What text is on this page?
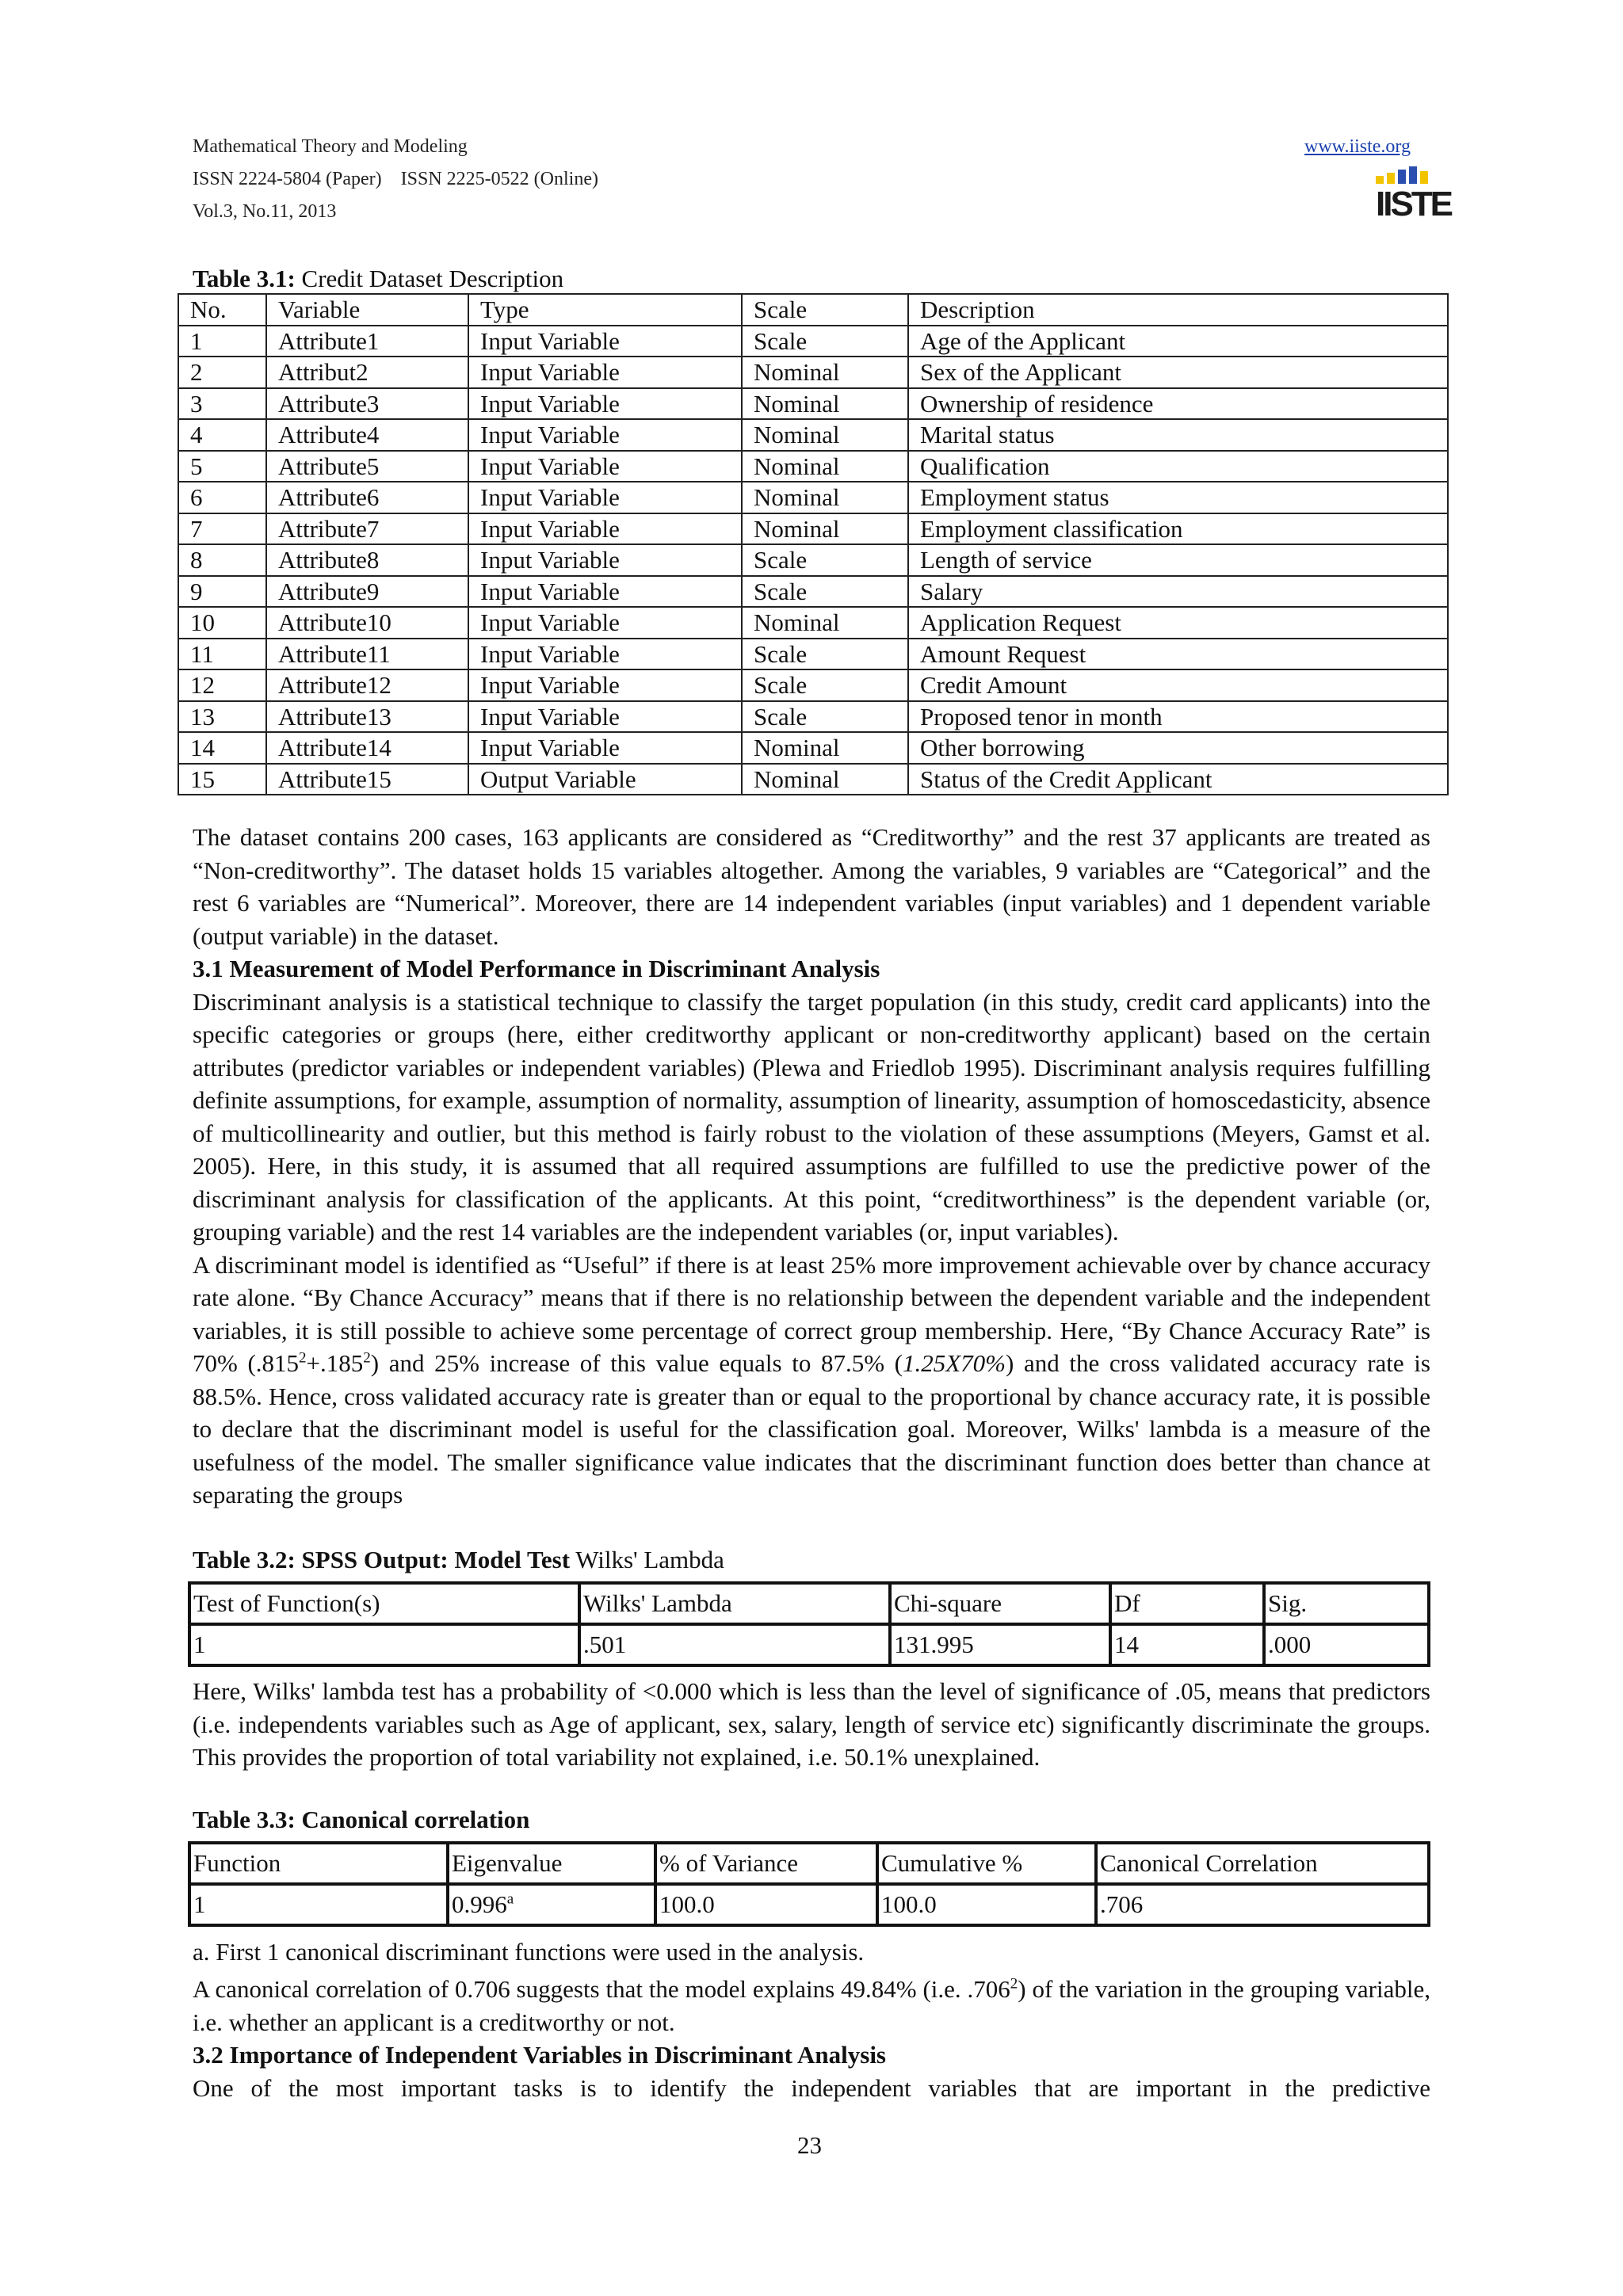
Mathematical Theory and Modeling
ISSN 2224-5804 (Paper)    ISSN 2225-0522 (Online)
Vol.3, No.11, 2013
www.iiste.org
IISTE
Table 3.1: Credit Dataset Description
No.	Variable	Type	Scale	Description
1	Attribute1	Input Variable	Scale	Age of the Applicant
2	Attribut2	Input Variable	Nominal	Sex of the Applicant
3	Attribute3	Input Variable	Nominal	Ownership of residence
4	Attribute4	Input Variable	Nominal	Marital status
5	Attribute5	Input Variable	Nominal	Qualification
6	Attribute6	Input Variable	Nominal	Employment status
7	Attribute7	Input Variable	Nominal	Employment classification
8	Attribute8	Input Variable	Scale	Length of service
9	Attribute9	Input Variable	Scale	Salary
10	Attribute10	Input Variable	Nominal	Application Request
11	Attribute11	Input Variable	Scale	Amount Request
12	Attribute12	Input Variable	Scale	Credit Amount
13	Attribute13	Input Variable	Scale	Proposed tenor in month
14	Attribute14	Input Variable	Nominal	Other borrowing
15	Attribute15	Output Variable	Nominal	Status of the Credit Applicant

The dataset contains 200 cases, 163 applicants are considered as “Creditworthy” and the rest 37 applicants are treated as “Non-creditworthy”. The dataset holds 15 variables altogether. Among the variables, 9 variables are “Categorical” and the rest 6 variables are “Numerical”. Moreover, there are 14 independent variables (input variables) and 1 dependent variable (output variable) in the dataset.

3.1 Measurement of Model Performance in Discriminant Analysis

Discriminant analysis is a statistical technique to classify the target population (in this study, credit card applicants) into the specific categories or groups (here, either creditworthy applicant or non-creditworthy applicant) based on the certain attributes (predictor variables or independent variables) (Plewa and Friedlob 1995). Discriminant analysis requires fulfilling definite assumptions, for example, assumption of normality, assumption of linearity, assumption of homoscedasticity, absence of multicollinearity and outlier, but this method is fairly robust to the violation of these assumptions (Meyers, Gamst et al. 2005). Here, in this study, it is assumed that all required assumptions are fulfilled to use the predictive power of the discriminant analysis for classification of the applicants. At this point, “creditworthiness” is the dependent variable (or, grouping variable) and the rest 14 variables are the independent variables (or, input variables).

A discriminant model is identified as “Useful” if there is at least 25% more improvement achievable over by chance accuracy rate alone. “By Chance Accuracy” means that if there is no relationship between the dependent variable and the independent variables, it is still possible to achieve some percentage of correct group membership. Here, “By Chance Accuracy Rate” is 70% $(.815^2+.185^2)$ and 25% increase of this value equals to 87.5% (1.25X70%) and the cross validated accuracy rate is 88.5%. Hence, cross validated accuracy rate is greater than or equal to the proportional by chance accuracy rate, it is possible to declare that the discriminant model is useful for the classification goal. Moreover, Wilks' lambda is a measure of the usefulness of the model. The smaller significance value indicates that the discriminant function does better than chance at separating the groups

Table 3.2: SPSS Output: Model Test Wilks' Lambda
Test of Function(s)	Wilks' Lambda	Chi-square	Df	Sig.
1	.501	131.995	14	.000

Here, Wilks' lambda test has a probability of <0.000 which is less than the level of significance of .05, means that predictors (i.e. independents variables such as Age of applicant, sex, salary, length of service etc) significantly discriminate the groups. This provides the proportion of total variability not explained, i.e. 50.1% unexplained.

Table 3.3: Canonical correlation
Function	Eigenvalue	% of Variance	Cumulative %	Canonical Correlation
1	0.996$^a$	100.0	100.0	.706
a. First 1 canonical discriminant functions were used in the analysis.

A canonical correlation of 0.706 suggests that the model explains 49.84% (i.e. .706$^2$) of the variation in the grouping variable, i.e. whether an applicant is a creditworthy or not.

3.2 Importance of Independent Variables in Discriminant Analysis

One of the most important tasks is to identify the independent variables that are important in the predictive

23
